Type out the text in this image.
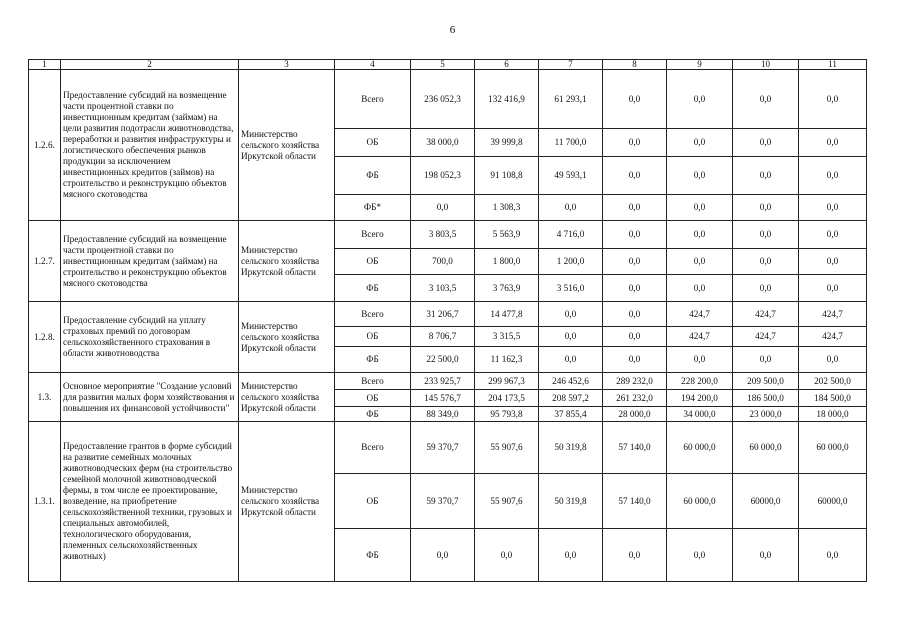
6
1	2	3	4	5	6	7	8	9	10	11
1.2.6.	Предоставление субсидий на возмещение части процентной ставки по инвестиционным кредитам (займам) на цели развития подотрасли животноводства, переработки и развития инфраструктуры и логистического обеспечения рынков продукции за исключением инвестиционных кредитов (займов) на строительство и реконструкцию объектов мясного скотоводства	Министерство сельского хозяйства Иркутской области	Всего	236 052,3	132 416,9	61 293,1	0,0	0,0	0,0	0,0
			ОБ	38 000,0	39 999,8	11 700,0	0,0	0,0	0,0	0,0
			ФБ	198 052,3	91 108,8	49 593,1	0,0	0,0	0,0	0,0
			ФБ*	0,0	1 308,3	0,0	0,0	0,0	0,0	0,0
1.2.7.	Предоставление субсидий на возмещение части процентной ставки по инвестиционным кредитам (займам) на строительство и реконструкцию объектов мясного скотоводства	Министерство сельского хозяйства Иркутской области	Всего	3 803,5	5 563,9	4 716,0	0,0	0,0	0,0	0,0
			ОБ	700,0	1 800,0	1 200,0	0,0	0,0	0,0	0,0
			ФБ	3 103,5	3 763,9	3 516,0	0,0	0,0	0,0	0,0
1.2.8.	Предоставление субсидий на уплату страховых премий по договорам сельскохозяйственного страхования в области животноводства	Министерство сельского хозяйства Иркутской области	Всего	31 206,7	14 477,8	0,0	0,0	424,7	424,7	424,7
			ОБ	8 706,7	3 315,5	0,0	0,0	424,7	424,7	424,7
			ФБ	22 500,0	11 162,3	0,0	0,0	0,0	0,0	0,0
1.3.	Основное мероприятие "Создание условий для развития малых форм хозяйствования и повышения их финансовой устойчивости"	Министерство сельского хозяйства Иркутской области	Всего	233 925,7	299 967,3	246 452,6	289 232,0	228 200,0	209 500,0	202 500,0
			ОБ	145 576,7	204 173,5	208 597,2	261 232,0	194 200,0	186 500,0	184 500,0
			ФБ	88 349,0	95 793,8	37 855,4	28 000,0	34 000,0	23 000,0	18 000,0
1.3.1.	Предоставление грантов в форме субсидий на развитие семейных молочных животноводческих ферм (на строительство семейной молочной животноводческой фермы, в том числе ее проектирование, возведение, на приобретение сельскохозяйственной техники, грузовых и специальных автомобилей, технологического оборудования, племенных сельскохозяйственных животных)	Министерство сельского хозяйства Иркутской области	Всего	59 370,7	55 907,6	50 319,8	57 140,0	60 000,0	60 000,0	60 000,0
			ОБ	59 370,7	55 907,6	50 319,8	57 140,0	60 000,0	60000,0	60000,0
			ФБ	0,0	0,0	0,0	0,0	0,0	0,0	0,0
